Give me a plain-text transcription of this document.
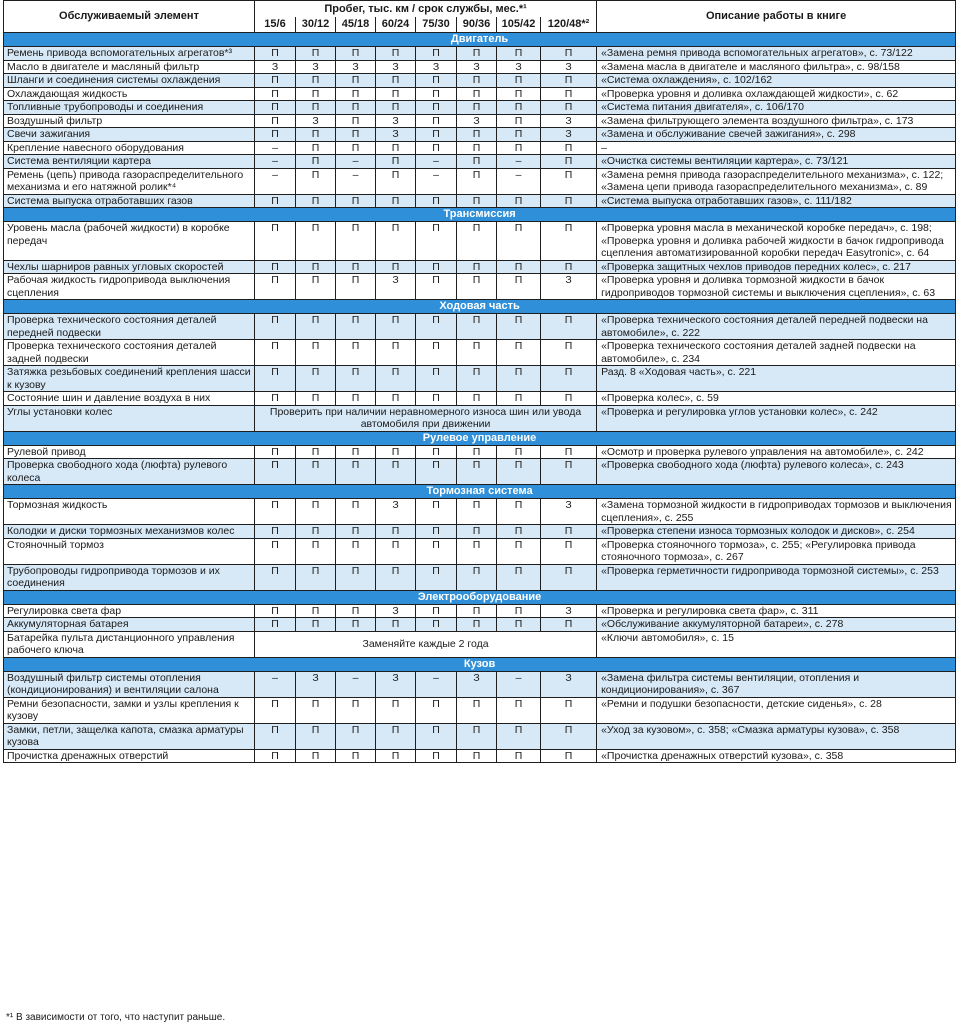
Обслуживаемый элемент	Пробег, тыс. км / срок службы, мес.*¹								Описание работы в книге
	15/6	30/12	45/18	60/24	75/30	90/36	105/42	120/48*²	
Двигатель									
Ремень привода вспомогательных агрегатов*³	П	П	П	П	П	П	П	П	«Замена ремня привода вспомогательных агрегатов», с. 73/122
Масло в двигателе и масляный фильтр	З	З	З	З	З	З	З	З	«Замена масла в двигателе и масляного фильтра», с. 98/158
Шланги и соединения системы охлаждения	П	П	П	П	П	П	П	П	«Система охлаждения», с. 102/162
Охлаждающая жидкость	П	П	П	П	П	П	П	П	«Проверка уровня и доливка охлаждающей жидкости», с. 62
Топливные трубопроводы и соединения	П	П	П	П	П	П	П	П	«Система питания двигателя», с. 106/170
Воздушный фильтр	П	З	П	З	П	З	П	З	«Замена фильтрующего элемента воздушного фильтра», с. 173
Свечи зажигания	П	П	П	З	П	П	П	З	«Замена и обслуживание свечей зажигания», с. 298
Крепление навесного оборудования	–	П	П	П	П	П	П	П	–
Система вентиляции картера	–	П	–	П	–	П	–	П	«Очистка системы вентиляции картера», с. 73/121
Ремень (цепь) привода газораспределительного механизма и его натяжной ролик*⁴	–	П	–	П	–	П	–	П	«Замена ремня привода газораспределительного механизма», с. 122; «Замена цепи привода газораспределительного механизма», с. 89
Система выпуска отработавших газов	П	П	П	П	П	П	П	П	«Система выпуска отработавших газов», с. 111/182
Трансмиссия									
Уровень масла (рабочей жидкости) в коробке передач	П	П	П	П	П	П	П	П	«Проверка уровня масла в механической коробке передач», с. 198; «Проверка уровня и доливка рабочей жидкости в бачок гидропривода сцепления автоматизированной коробки передач Easytronic», с. 64
Чехлы шарниров равных угловых скоростей	П	П	П	П	П	П	П	П	«Проверка защитных чехлов приводов передних колес», с. 217
Рабочая жидкость гидропривода выключения сцепления	П	П	П	З	П	П	П	З	«Проверка уровня и доливка тормозной жидкости в бачок гидроприводов тормозной системы и выключения сцепления», с. 63
Ходовая часть									
Проверка технического состояния деталей передней подвески	П	П	П	П	П	П	П	П	«Проверка технического состояния деталей передней подвески на автомобиле», с. 222
Проверка технического состояния деталей задней подвески	П	П	П	П	П	П	П	П	«Проверка технического состояния деталей задней подвески на автомобиле», с. 234
Затяжка резьбовых соединений крепления шасси к кузову	П	П	П	П	П	П	П	П	Разд. 8 «Ходовая часть», с. 221
Состояние шин и давление воздуха в них	П	П	П	П	П	П	П	П	«Проверка колес», с. 59
Углы установки колес	Проверить при наличии неравномерного износа шин или увода автомобиля при движении								«Проверка и регулировка углов установки колес», с. 242
Рулевое управление									
Рулевой привод	П	П	П	П	П	П	П	П	«Осмотр и проверка рулевого управления на автомобиле», с. 242
Проверка свободного хода (люфта) рулевого колеса	П	П	П	П	П	П	П	П	«Проверка свободного хода (люфта) рулевого колеса», с. 243
Тормозная система									
Тормозная жидкость	П	П	П	З	П	П	П	З	«Замена тормозной жидкости в гидроприводах тормозов и выключения сцепления», с. 255
Колодки и диски тормозных механизмов колес	П	П	П	П	П	П	П	П	«Проверка степени износа тормозных колодок и дисков», с. 254
Стояночный тормоз	П	П	П	П	П	П	П	П	«Проверка стояночного тормоза», с. 255; «Регулировка привода стояночного тормоза», с. 267
Трубопроводы гидропривода тормозов и их соединения	П	П	П	П	П	П	П	П	«Проверка герметичности гидропривода тормозной системы», с. 253
Электрооборудование									
Регулировка света фар	П	П	П	З	П	П	П	З	«Проверка и регулировка света фар», с. 311
Аккумуляторная батарея	П	П	П	П	П	П	П	П	«Обслуживание аккумуляторной батареи», с. 278
Батарейка пульта дистанционного управления рабочего ключа	Заменяйте каждые 2 года								«Ключи автомобиля», с. 15
Кузов									
Воздушный фильтр системы отопления (кондиционирования) и вентиляции салона	–	З	–	З	–	З	–	З	«Замена фильтра системы вентиляции, отопления и кондиционирования», с. 367
Ремни безопасности, замки и узлы крепления к кузову	П	П	П	П	П	П	П	П	«Ремни и подушки безопасности, детские сиденья», с. 28
Замки, петли, защелка капота, смазка арматуры кузова	П	П	П	П	П	П	П	П	«Уход за кузовом», с. 358; «Смазка арматуры кузова», с. 358
Прочистка дренажных отверстий	П	П	П	П	П	П	П	П	«Прочистка дренажных отверстий кузова», с. 358
*¹ В зависимости от того, что наступит раньше.
